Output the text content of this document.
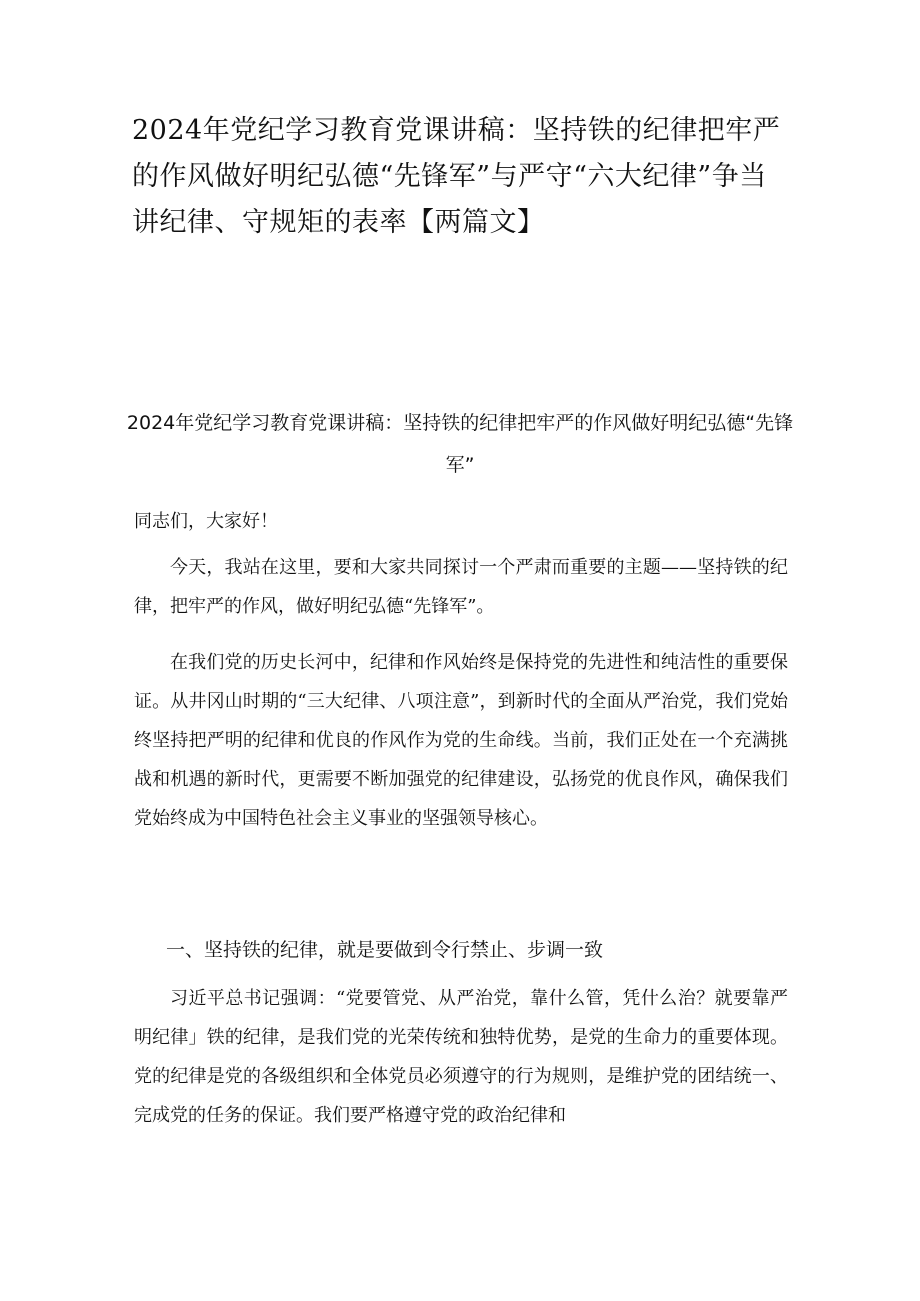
2024年党纪学习教育党课讲稿：坚持铁的纪律把牢严的作风做好明纪弘德“先锋军”与严守“六大纪律”争当讲纪律、守规矩的表率【两篇文】
2024年党纪学习教育党课讲稿：坚持铁的纪律把牢严的作风做好明纪弘德“先锋军”

同志们，大家好！

今天，我站在这里，要和大家共同探讨一个严肃而重要的主题——坚持铁的纪律，把牢严的作风，做好明纪弘德“先锋军”。

在我们党的历史长河中，纪律和作风始终是保持党的先进性和纯洁性的重要保证。从井冈山时期的“三大纪律、八项注意”，到新时代的全面从严治党，我们党始终坚持把严明的纪律和优良的作风作为党的生命线。当前，我们正处在一个充满挑战和机遇的新时代，更需要不断加强党的纪律建设，弘扬党的优良作风，确保我们党始终成为中国特色社会主义事业的坚强领导核心。

一、坚持铁的纪律，就是要做到令行禁止、步调一致

习近平总书记强调：“党要管党、从严治党，靠什么管，凭什么治？就要靠严明纪律」铁的纪律，是我们党的光荣传统和独特优势，是党的生命力的重要体现。党的纪律是党的各级组织和全体党员必须遵守的行为规则，是维护党的团结统一、完成党的任务的保证。我们要严格遵守党的政治纪律和
